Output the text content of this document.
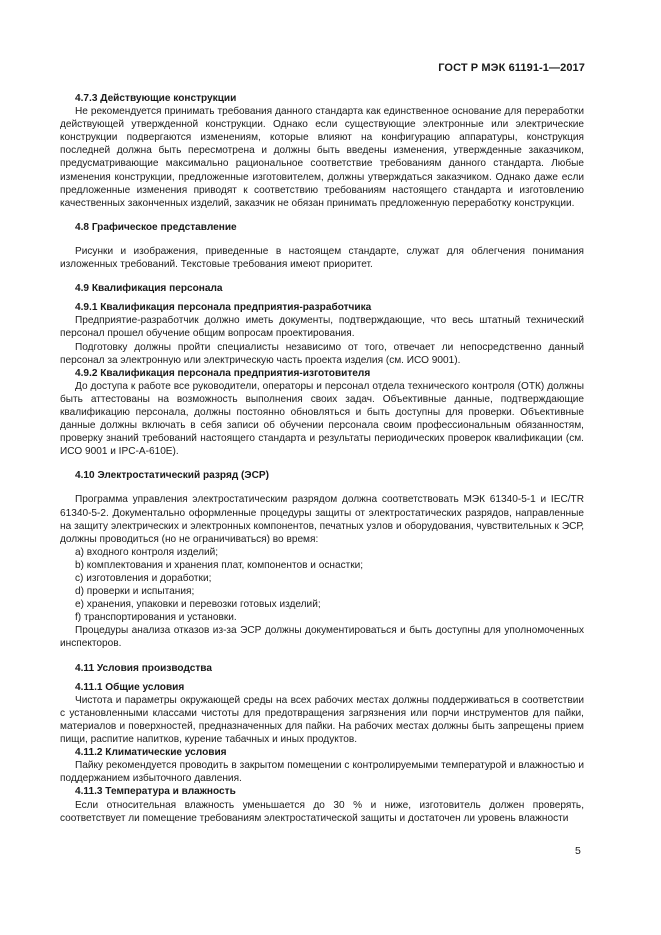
ГОСТ Р МЭК 61191-1—2017

4.7.3 Действующие конструкции

Не рекомендуется принимать требования данного стандарта как единственное основание для переработки действующей утвержденной конструкции. Однако если существующие электронные или электрические конструкции подвергаются изменениям, которые влияют на конфигурацию аппаратуры, конструкция последней должна быть пересмотрена и должны быть введены изменения, утвержденные заказчиком, предусматривающие максимально рациональное соответствие требованиям данного стандарта. Любые изменения конструкции, предложенные изготовителем, должны утверждаться заказчиком. Однако даже если предложенные изменения приводят к соответствию требованиям настоящего стандарта и изготовлению качественных законченных изделий, заказчик не обязан принимать предложенную переработку конструкции.

4.8 Графическое представление

Рисунки и изображения, приведенные в настоящем стандарте, служат для облегчения понимания изложенных требований. Текстовые требования имеют приоритет.

4.9 Квалификация персонала

4.9.1 Квалификация персонала предприятия-разработчика

Предприятие-разработчик должно иметь документы, подтверждающие, что весь штатный технический персонал прошел обучение общим вопросам проектирования.

Подготовку должны пройти специалисты независимо от того, отвечает ли непосредственно данный персонал за электронную или электрическую часть проекта изделия (см. ИСО 9001).

4.9.2 Квалификация персонала предприятия-изготовителя

До доступа к работе все руководители, операторы и персонал отдела технического контроля (ОТК) должны быть аттестованы на возможность выполнения своих задач. Объективные данные, подтверждающие квалификацию персонала, должны постоянно обновляться и быть доступны для проверки. Объективные данные должны включать в себя записи об обучении персонала своим профессиональным обязанностям, проверку знаний требований настоящего стандарта и результаты периодических проверок квалификации (см. ИСО 9001 и IPC-A-610E).

4.10 Электростатический разряд (ЭСР)

Программа управления электростатическим разрядом должна соответствовать МЭК 61340-5-1 и IEC/TR 61340-5-2. Документально оформленные процедуры защиты от электростатических разрядов, направленные на защиту электрических и электронных компонентов, печатных узлов и оборудования, чувствительных к ЭСР, должны проводиться (но не ограничиваться) во время:

a) входного контроля изделий;

b) комплектования и хранения плат, компонентов и оснастки;

c) изготовления и доработки;

d) проверки и испытания;

e) хранения, упаковки и перевозки готовых изделий;

f) транспортирования и установки.

Процедуры анализа отказов из-за ЭСР должны документироваться и быть доступны для уполномоченных инспекторов.

4.11 Условия производства

4.11.1 Общие условия

Чистота и параметры окружающей среды на всех рабочих местах должны поддерживаться в соответствии с установленными классами чистоты для предотвращения загрязнения или порчи инструментов для пайки, материалов и поверхностей, предназначенных для пайки. На рабочих местах должны быть запрещены прием пищи, распитие напитков, курение табачных и иных продуктов.

4.11.2 Климатические условия

Пайку рекомендуется проводить в закрытом помещении с контролируемыми температурой и влажностью и поддержанием избыточного давления.

4.11.3 Температура и влажность

Если относительная влажность уменьшается до 30 % и ниже, изготовитель должен проверять, соответствует ли помещение требованиям электростатической защиты и достаточен ли уровень влажности

5
